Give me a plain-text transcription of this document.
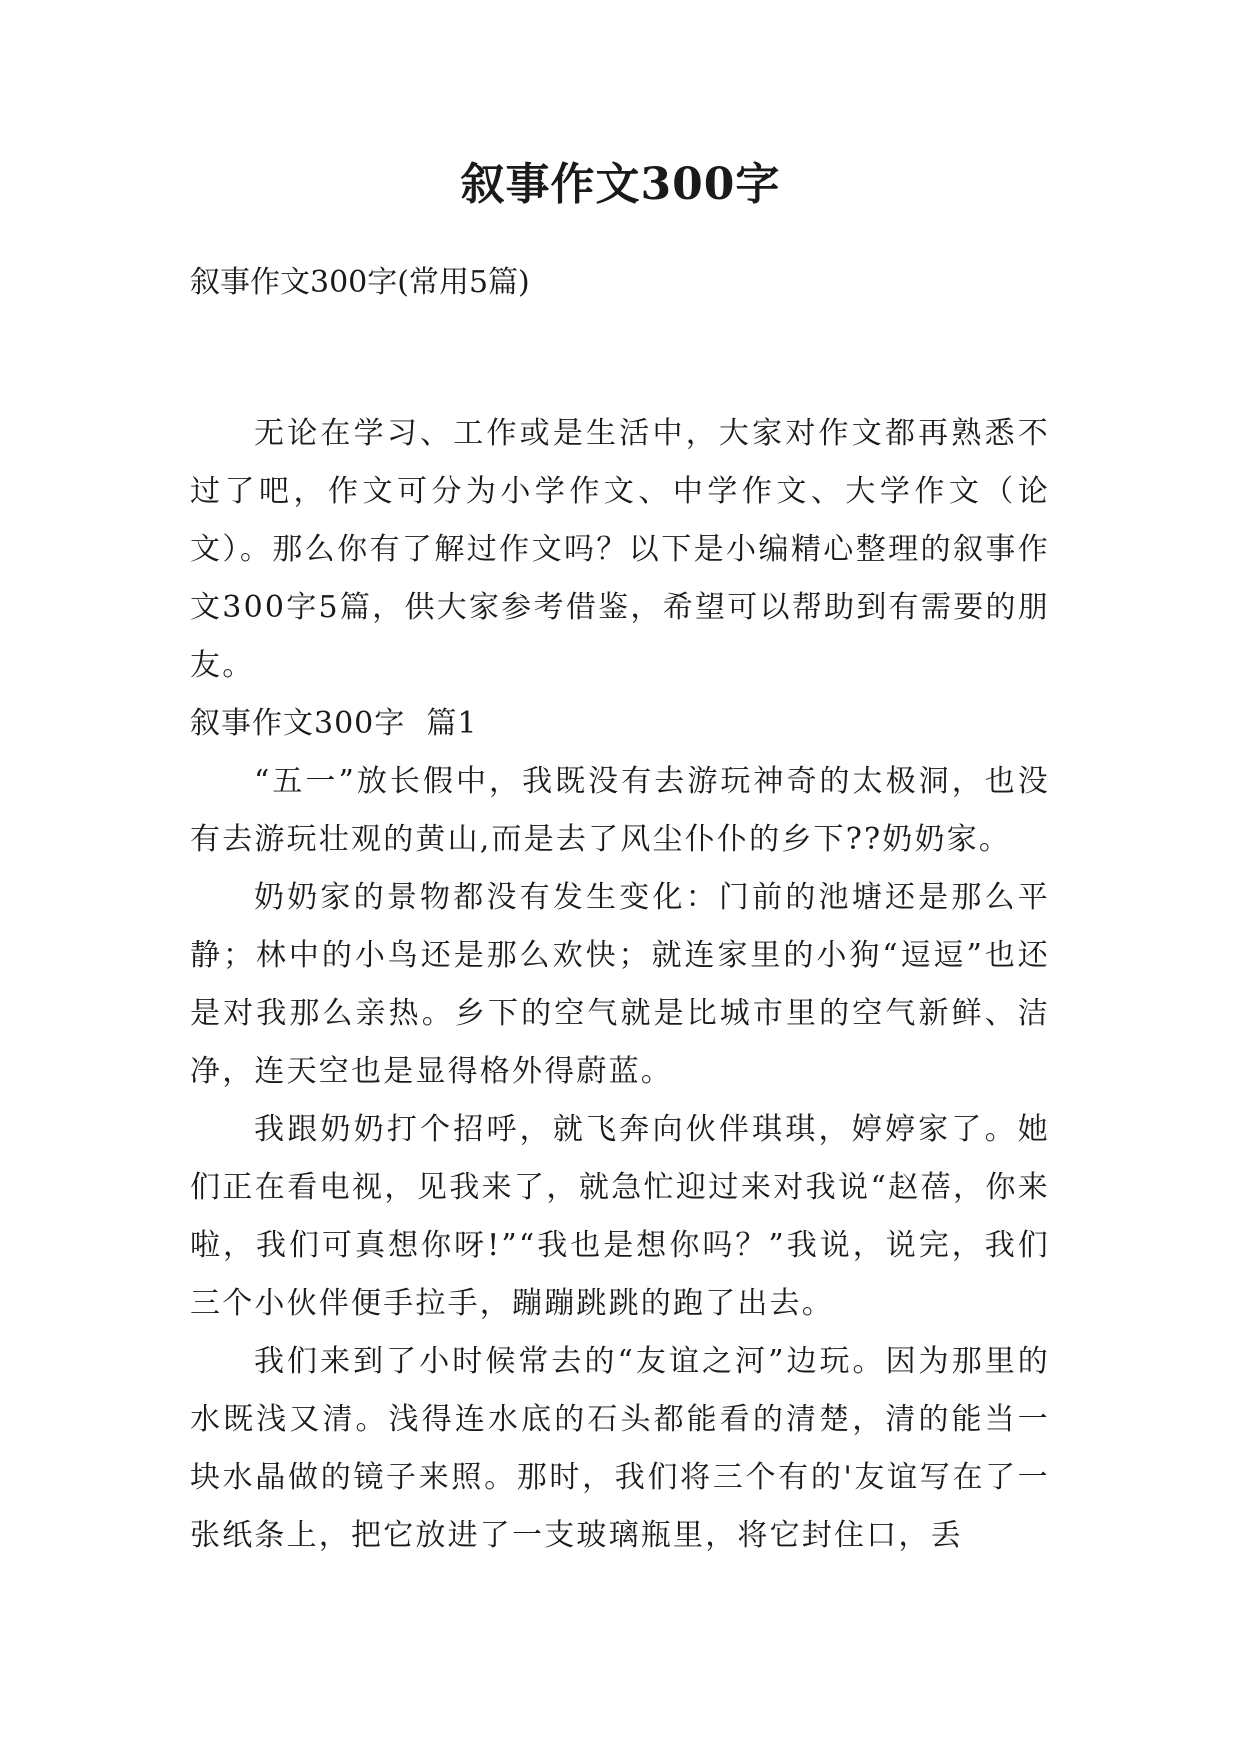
叙事作文300字

叙事作文300字(常用5篇)

无论在学习、工作或是生活中，大家对作文都再熟悉不过了吧，作文可分为小学作文、中学作文、大学作文（论文）。那么你有了解过作文吗？以下是小编精心整理的叙事作文300字5篇，供大家参考借鉴，希望可以帮助到有需要的朋友。

叙事作文300字  篇1

“五一”放长假中，我既没有去游玩神奇的太极洞，也没有去游玩壮观的黄山,而是去了风尘仆仆的乡下??奶奶家。

奶奶家的景物都没有发生变化：门前的池塘还是那么平静；林中的小鸟还是那么欢快；就连家里的小狗“逗逗”也还是对我那么亲热。乡下的空气就是比城市里的空气新鲜、洁净，连天空也是显得格外得蔚蓝。

我跟奶奶打个招呼，就飞奔向伙伴琪琪，婷婷家了。她们正在看电视，见我来了，就急忙迎过来对我说“赵蓓，你来啦，我们可真想你呀!”“我也是想你吗？”我说，说完，我们三个小伙伴便手拉手，蹦蹦跳跳的跑了出去。

我们来到了小时候常去的“友谊之河”边玩。因为那里的水既浅又清。浅得连水底的石头都能看的清楚，清的能当一块水晶做的镜子来照。那时，我们将三个有的'友谊写在了一张纸条上，把它放进了一支玻璃瓶里，将它封住口，丢
